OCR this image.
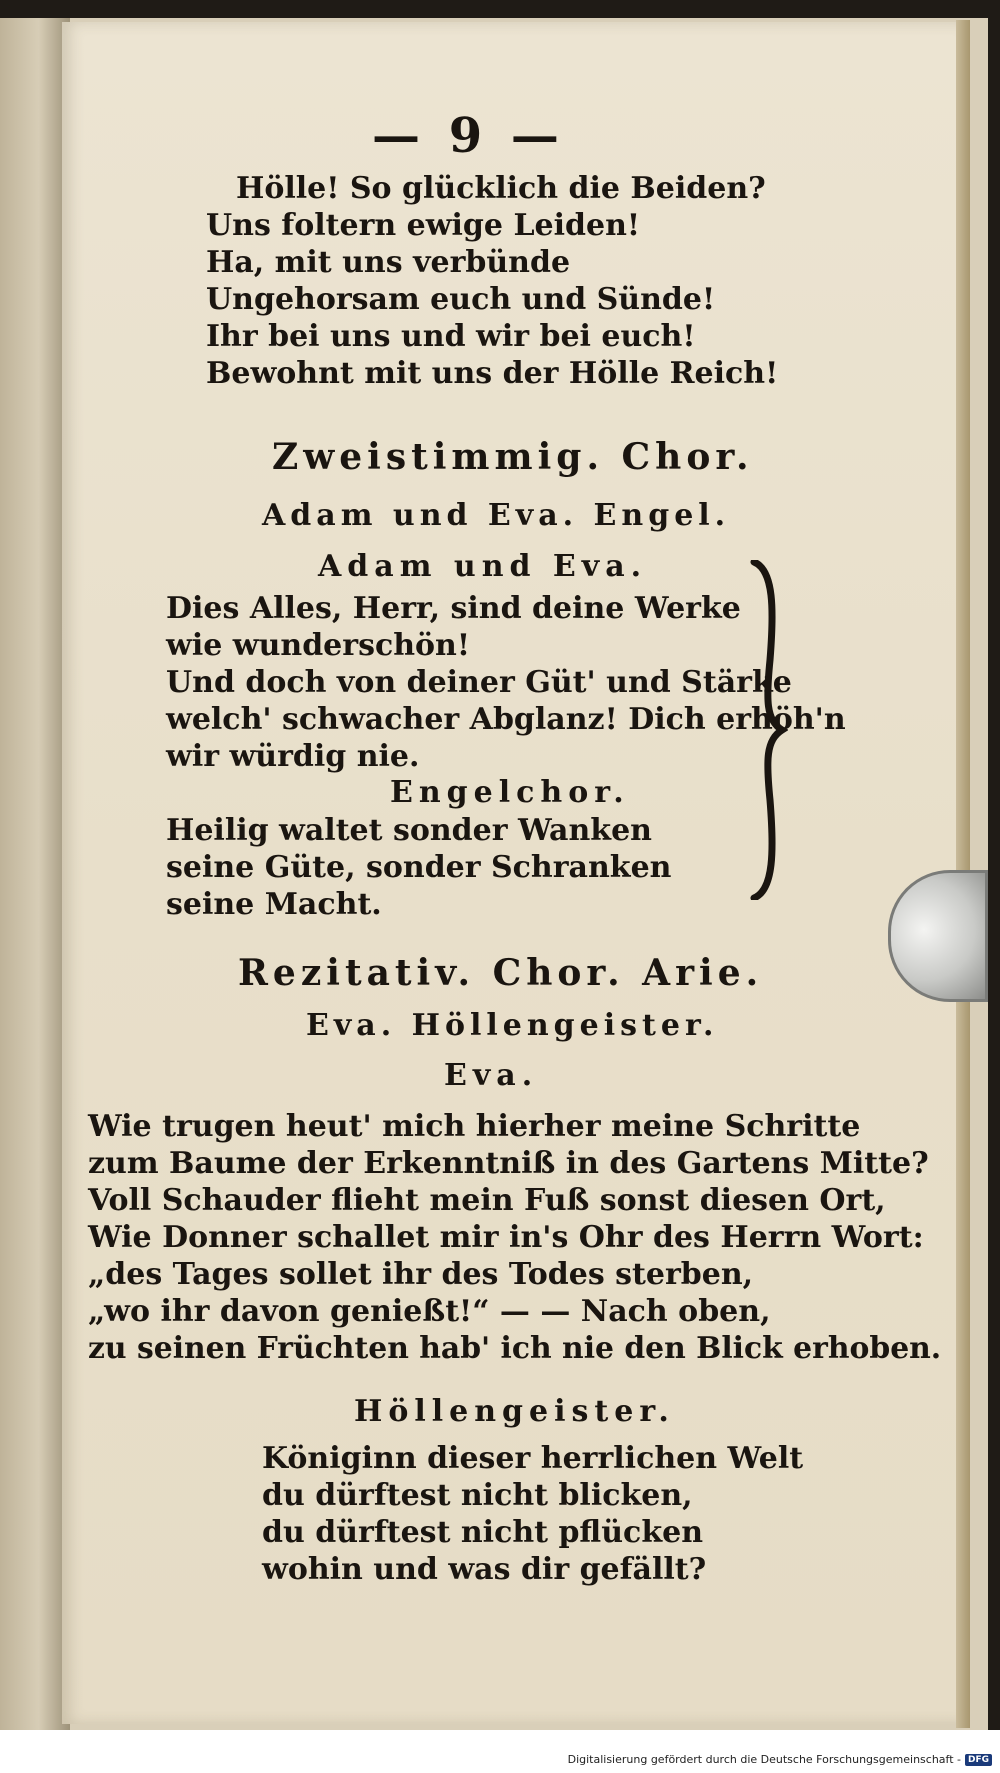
— 9 —
Hölle! So glücklich die Beiden?
Uns foltern ewige Leiden!
Ha, mit uns verbünde
Ungehorsam euch und Sünde!
Ihr bei uns und wir bei euch!
Bewohnt mit uns der Hölle Reich!
Zweistimmig. Chor.
Adam und Eva. Engel.
Adam und Eva.
Dies Alles, Herr, sind deine Werke
wie wunderschön!
Und doch von deiner Güt' und Stärke
welch' schwacher Abglanz! Dich erhöh'n
wir würdig nie.
Engelchor.
Heilig waltet sonder Wanken
seine Güte, sonder Schranken
seine Macht.
Rezitativ. Chor. Arie.
Eva. Höllengeister.
Eva.
Wie trugen heut' mich hierher meine Schritte
zum Baume der Erkenntniß in des Gartens Mitte?
Voll Schauder flieht mein Fuß sonst diesen Ort,
Wie Donner schallet mir in's Ohr des Herrn Wort:
„des Tages sollet ihr des Todes sterben,
„wo ihr davon genießt!“ — — Nach oben,
zu seinen Früchten hab' ich nie den Blick erhoben.
Höllengeister.
Königinn dieser herrlichen Welt
du dürftest nicht blicken,
du dürftest nicht pflücken
wohin und was dir gefällt?
Digitalisierung gefördert durch die Deutsche Forschungsgemeinschaft - DFG
